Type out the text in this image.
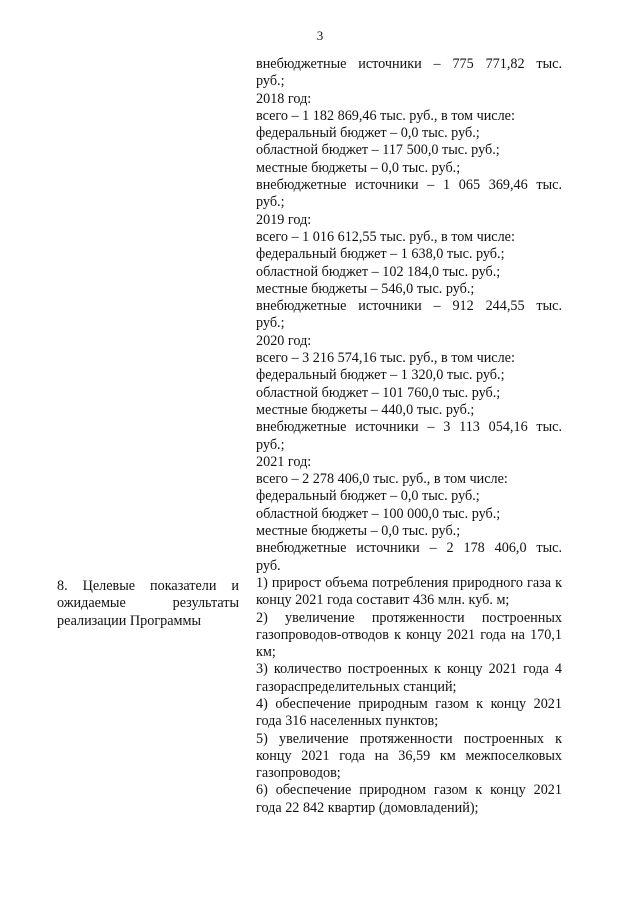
3
внебюджетные источники – 775 771,82 тыс.
руб.;
2018 год:
всего – 1 182 869,46 тыс. руб., в том числе:
федеральный бюджет – 0,0 тыс. руб.;
областной бюджет – 117 500,0 тыс. руб.;
местные бюджеты – 0,0 тыс. руб.;
внебюджетные источники – 1 065 369,46 тыс.
руб.;
2019 год:
всего – 1 016 612,55 тыс. руб., в том числе:
федеральный бюджет – 1 638,0 тыс. руб.;
областной бюджет – 102 184,0 тыс. руб.;
местные бюджеты – 546,0 тыс. руб.;
внебюджетные источники – 912 244,55 тыс.
руб.;
2020 год:
всего – 3 216 574,16 тыс. руб., в том числе:
федеральный бюджет – 1 320,0 тыс. руб.;
областной бюджет – 101 760,0 тыс. руб.;
местные бюджеты – 440,0 тыс. руб.;
внебюджетные источники – 3 113 054,16 тыс.
руб.;
2021 год:
всего – 2 278 406,0 тыс. руб., в том числе:
федеральный бюджет – 0,0 тыс. руб.;
областной бюджет – 100 000,0 тыс. руб.;
местные бюджеты – 0,0 тыс. руб.;
внебюджетные источники – 2 178 406,0 тыс.
руб.
1) прирост объема потребления природного газа к концу 2021 года составит 436 млн. куб. м;
2) увеличение протяженности построенных газопроводов-отводов к концу 2021 года на 170,1 км;
3) количество построенных к концу 2021 года 4 газораспределительных станций;
4) обеспечение природным газом к концу 2021 года 316 населенных пунктов;
5) увеличение протяженности построенных к концу 2021 года на 36,59 км межпоселковых газопроводов;
6) обеспечение природном газом к концу 2021 года 22 842 квартир (домовладений);
8. Целевые показатели и ожидаемые результаты реализации Программы
